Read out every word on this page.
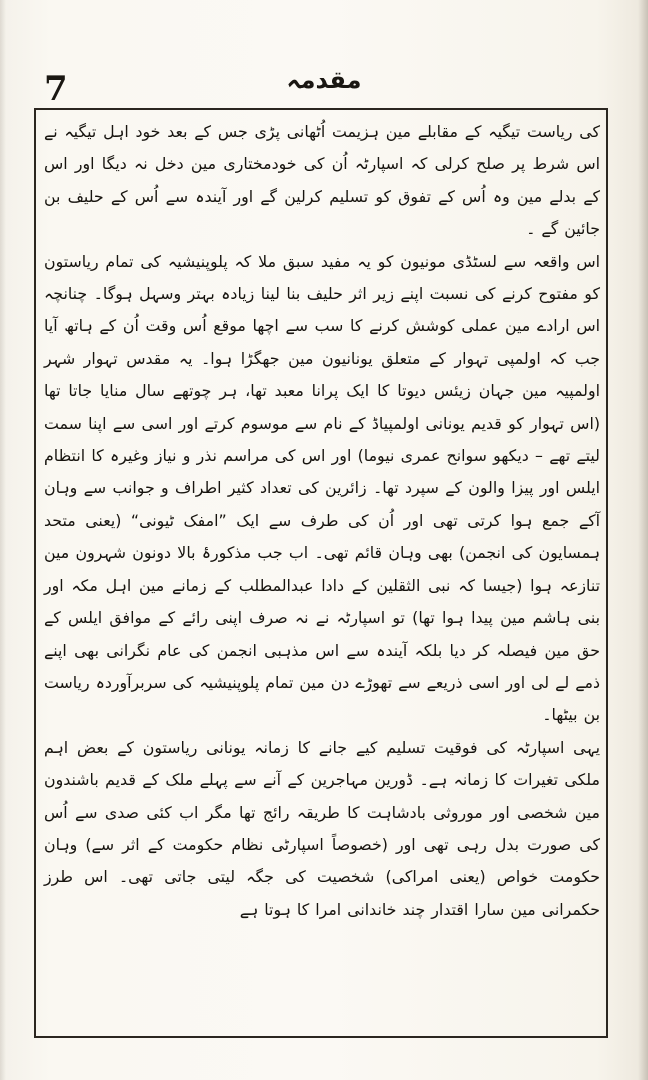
7	مقدمہ

کی ریاست تیگیہ کے مقابلے مین ہزیمت اُٹھانی پڑی جس کے بعد خود اہل تیگیہ نے اس شرط پر صلح کرلی کہ اسپارٹہ اُن کی خودمختاری مین دخل نہ دیگا اور اس کے بدلے مین وہ اُس کے تفوق کو تسلیم کرلین گے اور آیندہ سے اُس کے حلیف بن جائین گے ۔

اس واقعہ سے لسٹڈی مونیون کو یہ مفید سبق ملا کہ پلوپنیشیہ کی تمام ریاستون کو مفتوح کرنے کی نسبت اپنے زیر اثر حلیف بنا لینا زیادہ بہتر وسہل ہوگا۔ چنانچہ اس ارادے مین عملی کوشش کرنے کا سب سے اچھا موقع اُس وقت اُن کے ہاتھ آیا جب کہ اولمپی تہوار کے متعلق یونانیون مین جھگڑا ہوا۔ یہ مقدس تہوار شہر اولمپیہ مین جہان زیئس دیوتا کا ایک پرانا معبد تھا، ہر چوتھے سال منایا جاتا تھا (اس تہوار کو قدیم یونانی اولمپیاڈ کے نام سے موسوم کرتے اور اسی سے اپنا سمت لیتے تھے – دیکھو سوانح عمری نیوما) اور اس کی مراسم نذر و نیاز وغیرہ کا انتظام ایلس اور پیزا والون کے سپرد تھا۔ زائرین کی تعداد کثیر اطراف و جوانب سے وہان آکے جمع ہوا کرتی تھی اور اُن کی طرف سے ایک ”امفک ٹیونی“ (یعنی متحد ہمسایون کی انجمن) بھی وہان قائم تھی۔ اب جب مذکورۂ بالا دونون شہرون مین تنازعہ ہوا (جیسا کہ نبی الثقلین کے دادا عبدالمطلب کے زمانے مین اہل مکہ اور بنی ہاشم مین پیدا ہوا تھا) تو اسپارٹہ نے نہ صرف اپنی رائے کے موافق ایلس کے حق مین فیصلہ کر دیا بلکہ آیندہ سے اس مذہبی انجمن کی عام نگرانی بھی اپنے ذمے لے لی اور اسی ذریعے سے تھوڑے دن مین تمام پلوپنیشیہ کی سربرآوردہ ریاست بن بیٹھا۔

یہی اسپارٹہ کی فوقیت تسلیم کیے جانے کا زمانہ یونانی ریاستون کے بعض اہم ملکی تغیرات کا زمانہ ہے۔ ڈورین مہاجرین کے آنے سے پہلے ملک کے قدیم باشندون مین شخصی اور موروثی بادشاہت کا طریقہ رائج تھا مگر اب کئی صدی سے اُس کی صورت بدل رہی تھی اور (خصوصاً اسپارٹی نظام حکومت کے اثر سے) وہان حکومت خواص (یعنی امراکی) شخصیت کی جگہ لیتی جاتی تھی۔ اس طرز حکمرانی مین سارا اقتدار چند خاندانی امرا کا ہوتا ہے
